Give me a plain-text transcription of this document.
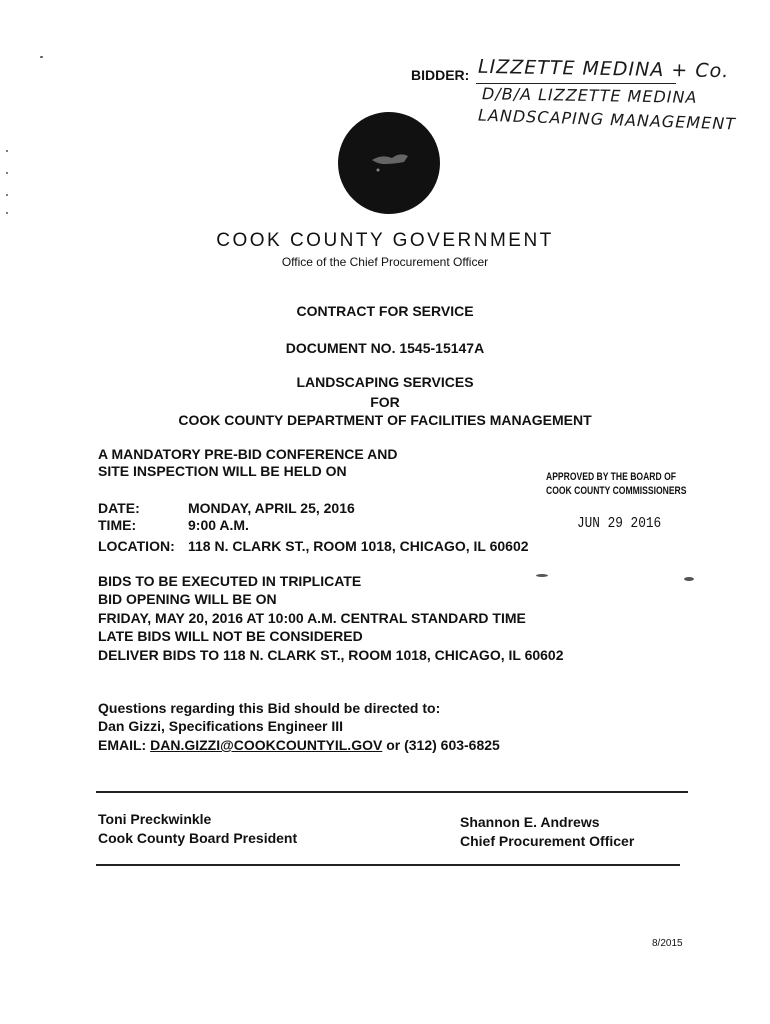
BIDDER: LIZZETTE MEDINA + Co.
D/B/A LIZZETTE MEDINA
LANDSCAPING MANAGEMENT
COOK COUNTY GOVERNMENT
Office of the Chief Procurement Officer
CONTRACT FOR SERVICE
DOCUMENT NO. 1545-15147A
LANDSCAPING SERVICES
FOR
COOK COUNTY DEPARTMENT OF FACILITIES MANAGEMENT
A MANDATORY PRE-BID CONFERENCE AND
SITE INSPECTION WILL BE HELD ON
DATE:	MONDAY, APRIL 25, 2016
TIME:	9:00 A.M.
LOCATION: 118 N. CLARK ST., ROOM 1018, CHICAGO, IL 60602
APPROVED BY THE BOARD OF
COOK COUNTY COMMISSIONERS
JUN 29 2016
BIDS TO BE EXECUTED IN TRIPLICATE
BID OPENING WILL BE ON
FRIDAY, MAY 20, 2016 AT 10:00 A.M. CENTRAL STANDARD TIME
LATE BIDS WILL NOT BE CONSIDERED
DELIVER BIDS TO 118 N. CLARK ST., ROOM 1018, CHICAGO, IL 60602
Questions regarding this Bid should be directed to:
Dan Gizzi, Specifications Engineer III
EMAIL: DAN.GIZZI@COOKCOUNTYIL.GOV or (312) 603-6825
Toni Preckwinkle
Cook County Board President
Shannon E. Andrews
Chief Procurement Officer
8/2015
